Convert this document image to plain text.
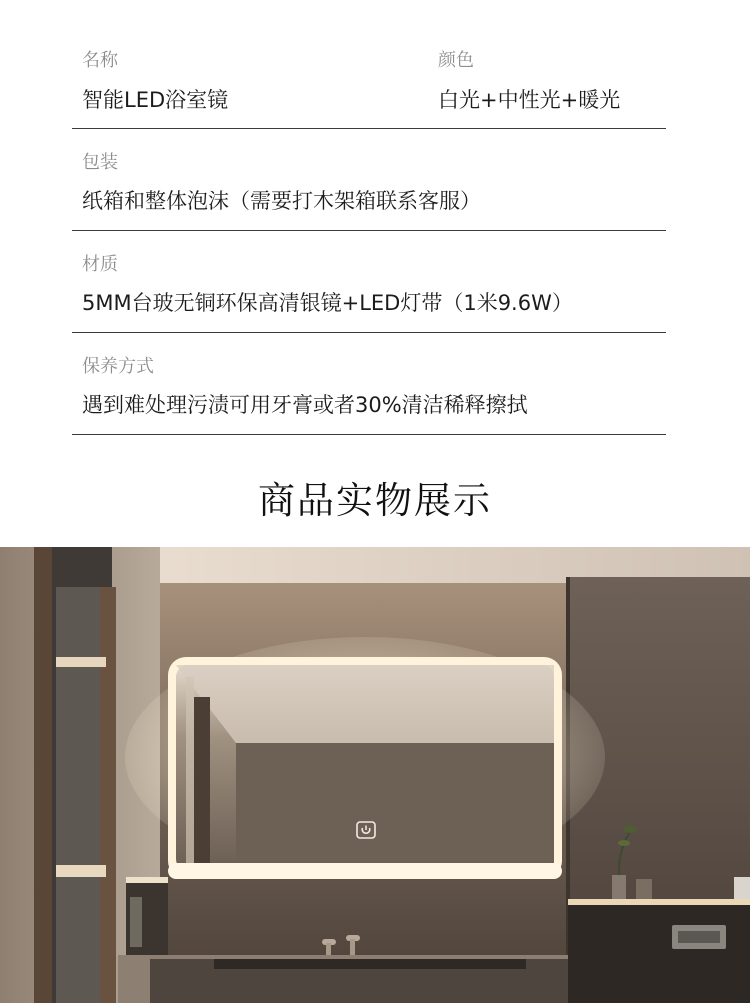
名称
智能LED浴室镜
颜色
白光+中性光+暖光
包装
纸箱和整体泡沫（需要打木架箱联系客服）
材质
5MM台玻无铜环保高清银镜+LED灯带（1米9.6W）
保养方式
遇到难处理污渍可用牙膏或者30%清洁稀释擦拭
商品实物展示
